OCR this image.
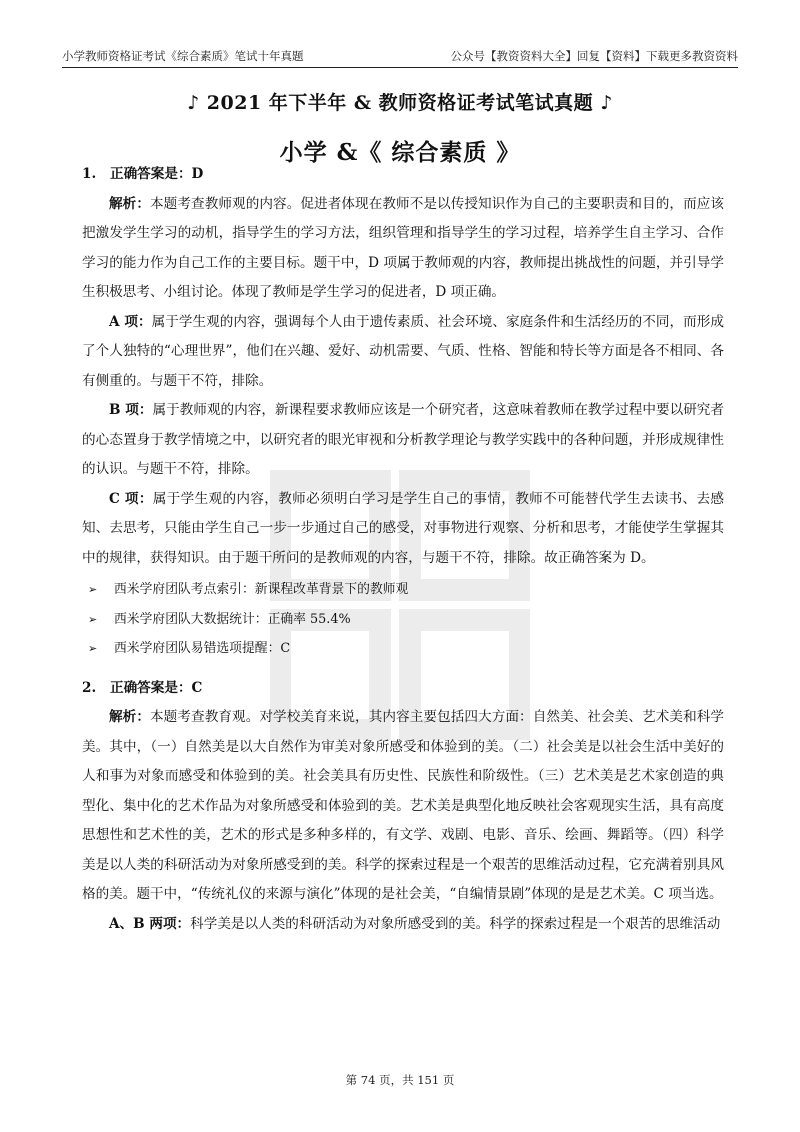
小学教师资格证考试《综合素质》笔试十年真题	公众号【教资资料大全】回复【资料】下载更多教资资料
♪ 2021 年下半年 & 教师资格证考试笔试真题 ♪
小学 &《 综合素质 》

1. 正确答案是：D

解析：本题考查教师观的内容。促进者体现在教师不是以传授知识作为自己的主要职责和目的，而应该把激发学生学习的动机，指导学生的学习方法，组织管理和指导学生的学习过程，培养学生自主学习、合作学习的能力作为自己工作的主要目标。题干中，D 项属于教师观的内容，教师提出挑战性的问题，并引导学生积极思考、小组讨论。体现了教师是学生学习的促进者，D 项正确。

A 项：属于学生观的内容，强调每个人由于遗传素质、社会环境、家庭条件和生活经历的不同，而形成了个人独特的“心理世界”，他们在兴趣、爱好、动机需要、气质、性格、智能和特长等方面是各不相同、各有侧重的。与题干不符，排除。

B 项：属于教师观的内容，新课程要求教师应该是一个研究者，这意味着教师在教学过程中要以研究者的心态置身于教学情境之中，以研究者的眼光审视和分析教学理论与教学实践中的各种问题，并形成规律性的认识。与题干不符，排除。

C 项：属于学生观的内容，教师必须明白学习是学生自己的事情，教师不可能替代学生去读书、去感知、去思考，只能由学生自己一步一步通过自己的感受，对事物进行观察、分析和思考，才能使学生掌握其中的规律，获得知识。由于题干所问的是教师观的内容，与题干不符，排除。故正确答案为 D。

➢ 西米学府团队考点索引：新课程改革背景下的教师观
➢ 西米学府团队大数据统计：正确率 55.4%
➢ 西米学府团队易错选项提醒：C

2. 正确答案是：C

解析：本题考查教育观。对学校美育来说，其内容主要包括四大方面：自然美、社会美、艺术美和科学美。其中，（一）自然美是以大自然作为审美对象所感受和体验到的美。（二）社会美是以社会生活中美好的人和事为对象而感受和体验到的美。社会美具有历史性、民族性和阶级性。（三）艺术美是艺术家创造的典型化、集中化的艺术作品为对象所感受和体验到的美。艺术美是典型化地反映社会客观现实生活，具有高度思想性和艺术性的美，艺术的形式是多种多样的，有文学、戏剧、电影、音乐、绘画、舞蹈等。（四）科学美是以人类的科研活动为对象所感受到的美。科学的探索过程是一个艰苦的思维活动过程，它充满着别具风格的美。题干中，“传统礼仪的来源与演化”体现的是社会美，“自编情景剧”体现的是是艺术美。C 项当选。

A、B 两项：科学美是以人类的科研活动为对象所感受到的美。科学的探索过程是一个艰苦的思维活动

第 74 页，共 151 页
